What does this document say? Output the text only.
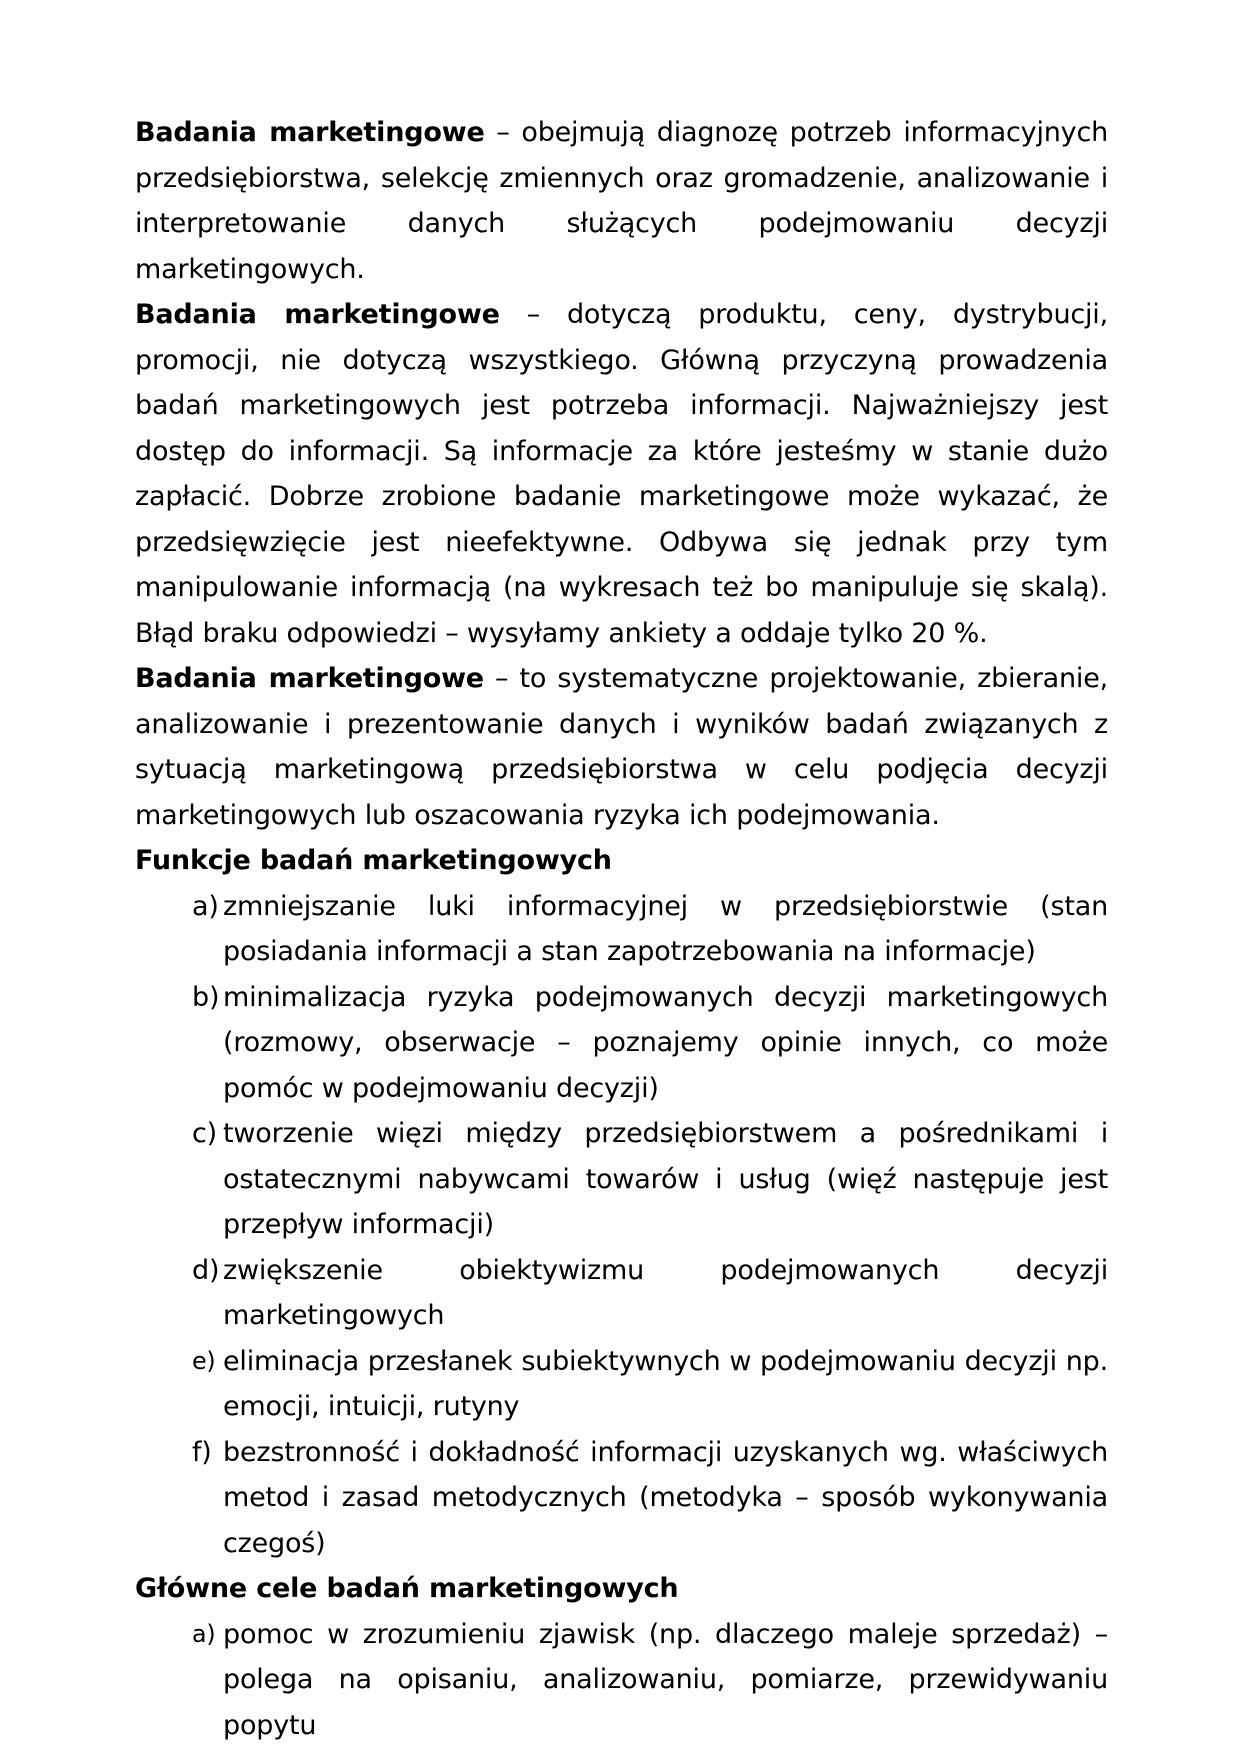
Badania marketingowe – obejmują diagnozę potrzeb informacyjnych przedsiębiorstwa, selekcję zmiennych oraz gromadzenie, analizowanie i interpretowanie danych służących podejmowaniu decyzji marketingowych.

Badania marketingowe – dotyczą produktu, ceny, dystrybucji, promocji, nie dotyczą wszystkiego. Główną przyczyną prowadzenia badań marketingowych jest potrzeba informacji. Najważniejszy jest dostęp do informacji. Są informacje za które jesteśmy w stanie dużo zapłacić. Dobrze zrobione badanie marketingowe może wykazać, że przedsięwzięcie jest nieefektywne. Odbywa się jednak przy tym manipulowanie informacją (na wykresach też bo manipuluje się skalą). Błąd braku odpowiedzi – wysyłamy ankiety a oddaje tylko 20 %.

Badania marketingowe – to systematyczne projektowanie, zbieranie, analizowanie i prezentowanie danych i wyników badań związanych z sytuacją marketingową przedsiębiorstwa w celu podjęcia decyzji marketingowych lub oszacowania ryzyka ich podejmowania.

Funkcje badań marketingowych
a) zmniejszanie luki informacyjnej w przedsiębiorstwie (stan posiadania informacji a stan zapotrzebowania na informacje)
b) minimalizacja ryzyka podejmowanych decyzji marketingowych (rozmowy, obserwacje – poznajemy opinie innych, co może pomóc w podejmowaniu decyzji)
c) tworzenie więzi między przedsiębiorstwem a pośrednikami i ostatecznymi nabywcami towarów i usług (więź następuje jest przepływ informacji)
d) zwiększenie obiektywizmu podejmowanych decyzji marketingowych
e) eliminacja przesłanek subiektywnych w podejmowaniu decyzji np. emocji, intuicji, rutyny
f) bezstronność i dokładność informacji uzyskanych wg. właściwych metod i zasad metodycznych (metodyka – sposób wykonywania czegoś)
Główne cele badań marketingowych
a) pomoc w zrozumieniu zjawisk (np. dlaczego maleje sprzedaż) – polega na opisaniu, analizowaniu, pomiarze, przewidywaniu popytu
